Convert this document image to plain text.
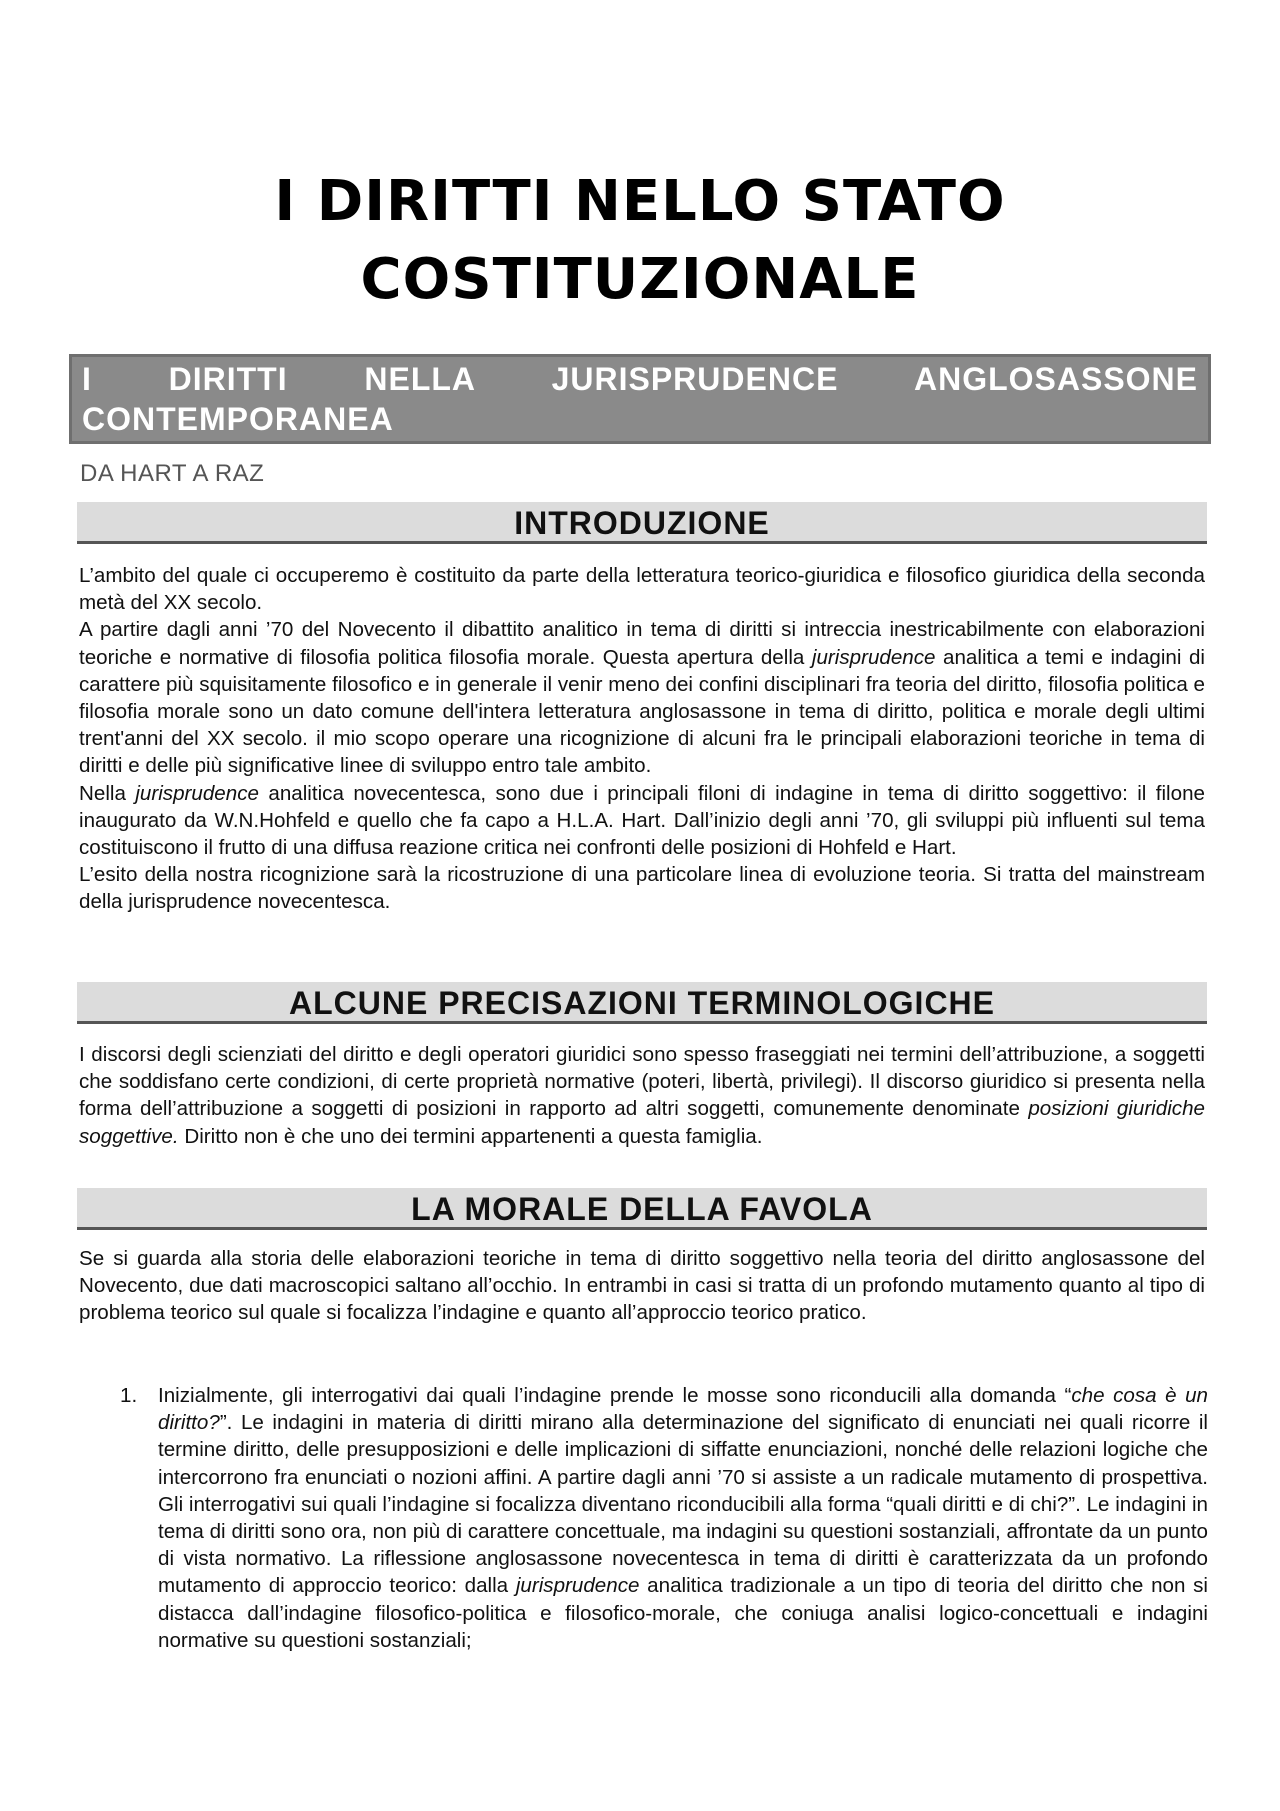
I DIRITTI NELLO STATO
COSTITUZIONALE
I DIRITTI NELLA JURISPRUDENCE ANGLOSASSONE CONTEMPORANEA
DA HART A RAZ
INTRODUZIONE

L’ambito del quale ci occuperemo è costituito da parte della letteratura teorico-giuridica e filosofico giuridica della seconda metà del XX secolo.

A partire dagli anni ’70 del Novecento il dibattito analitico in tema di diritti si intreccia inestricabilmente con elaborazioni teoriche e normative di filosofia politica filosofia morale. Questa apertura della jurisprudence analitica a temi e indagini di carattere più squisitamente filosofico e in generale il venir meno dei confini disciplinari fra teoria del diritto, filosofia politica e filosofia morale sono un dato comune dell'intera letteratura anglosassone in tema di diritto, politica e morale degli ultimi trent'anni del XX secolo. il mio scopo operare una ricognizione di alcuni fra le principali elaborazioni teoriche in tema di diritti e delle più significative linee di sviluppo entro tale ambito.

Nella jurisprudence analitica novecentesca, sono due i principali filoni di indagine in tema di diritto soggettivo: il filone inaugurato da W.N.Hohfeld e quello che fa capo a H.L.A. Hart. Dall’inizio degli anni ’70, gli sviluppi più influenti sul tema costituiscono il frutto di una diffusa reazione critica nei confronti delle posizioni di Hohfeld e Hart.

L’esito della nostra ricognizione sarà la ricostruzione di una particolare linea di evoluzione teoria. Si tratta del mainstream della jurisprudence novecentesca.

ALCUNE PRECISAZIONI TERMINOLOGICHE

I discorsi degli scienziati del diritto e degli operatori giuridici sono spesso fraseggiati nei termini dell’attribuzione, a soggetti che soddisfano certe condizioni, di certe proprietà normative (poteri, libertà, privilegi). Il discorso giuridico si presenta nella forma dell’attribuzione a soggetti di posizioni in rapporto ad altri soggetti, comunemente denominate posizioni giuridiche soggettive. Diritto non è che uno dei termini appartenenti a questa famiglia.

LA MORALE DELLA FAVOLA

Se si guarda alla storia delle elaborazioni teoriche in tema di diritto soggettivo nella teoria del diritto anglosassone del Novecento, due dati macroscopici saltano all’occhio. In entrambi in casi si tratta di un profondo mutamento quanto al tipo di problema teorico sul quale si focalizza l’indagine e quanto all’approccio teorico pratico.

1. Inizialmente, gli interrogativi dai quali l’indagine prende le mosse sono riconducili alla domanda “che cosa è un diritto?”. Le indagini in materia di diritti mirano alla determinazione del significato di enunciati nei quali ricorre il termine diritto, delle presupposizioni e delle implicazioni di siffatte enunciazioni, nonché delle relazioni logiche che intercorrono fra enunciati o nozioni affini. A partire dagli anni ’70 si assiste a un radicale mutamento di prospettiva. Gli interrogativi sui quali l’indagine si focalizza diventano riconducibili alla forma “quali diritti e di chi?”. Le indagini in tema di diritti sono ora, non più di carattere concettuale, ma indagini su questioni sostanziali, affrontate da un punto di vista normativo. La riflessione anglosassone novecentesca in tema di diritti è caratterizzata da un profondo mutamento di approccio teorico: dalla jurisprudence analitica tradizionale a un tipo di teoria del diritto che non si distacca dall’indagine filosofico-politica e filosofico-morale, che coniuga analisi logico-concettuali e indagini normative su questioni sostanziali;
